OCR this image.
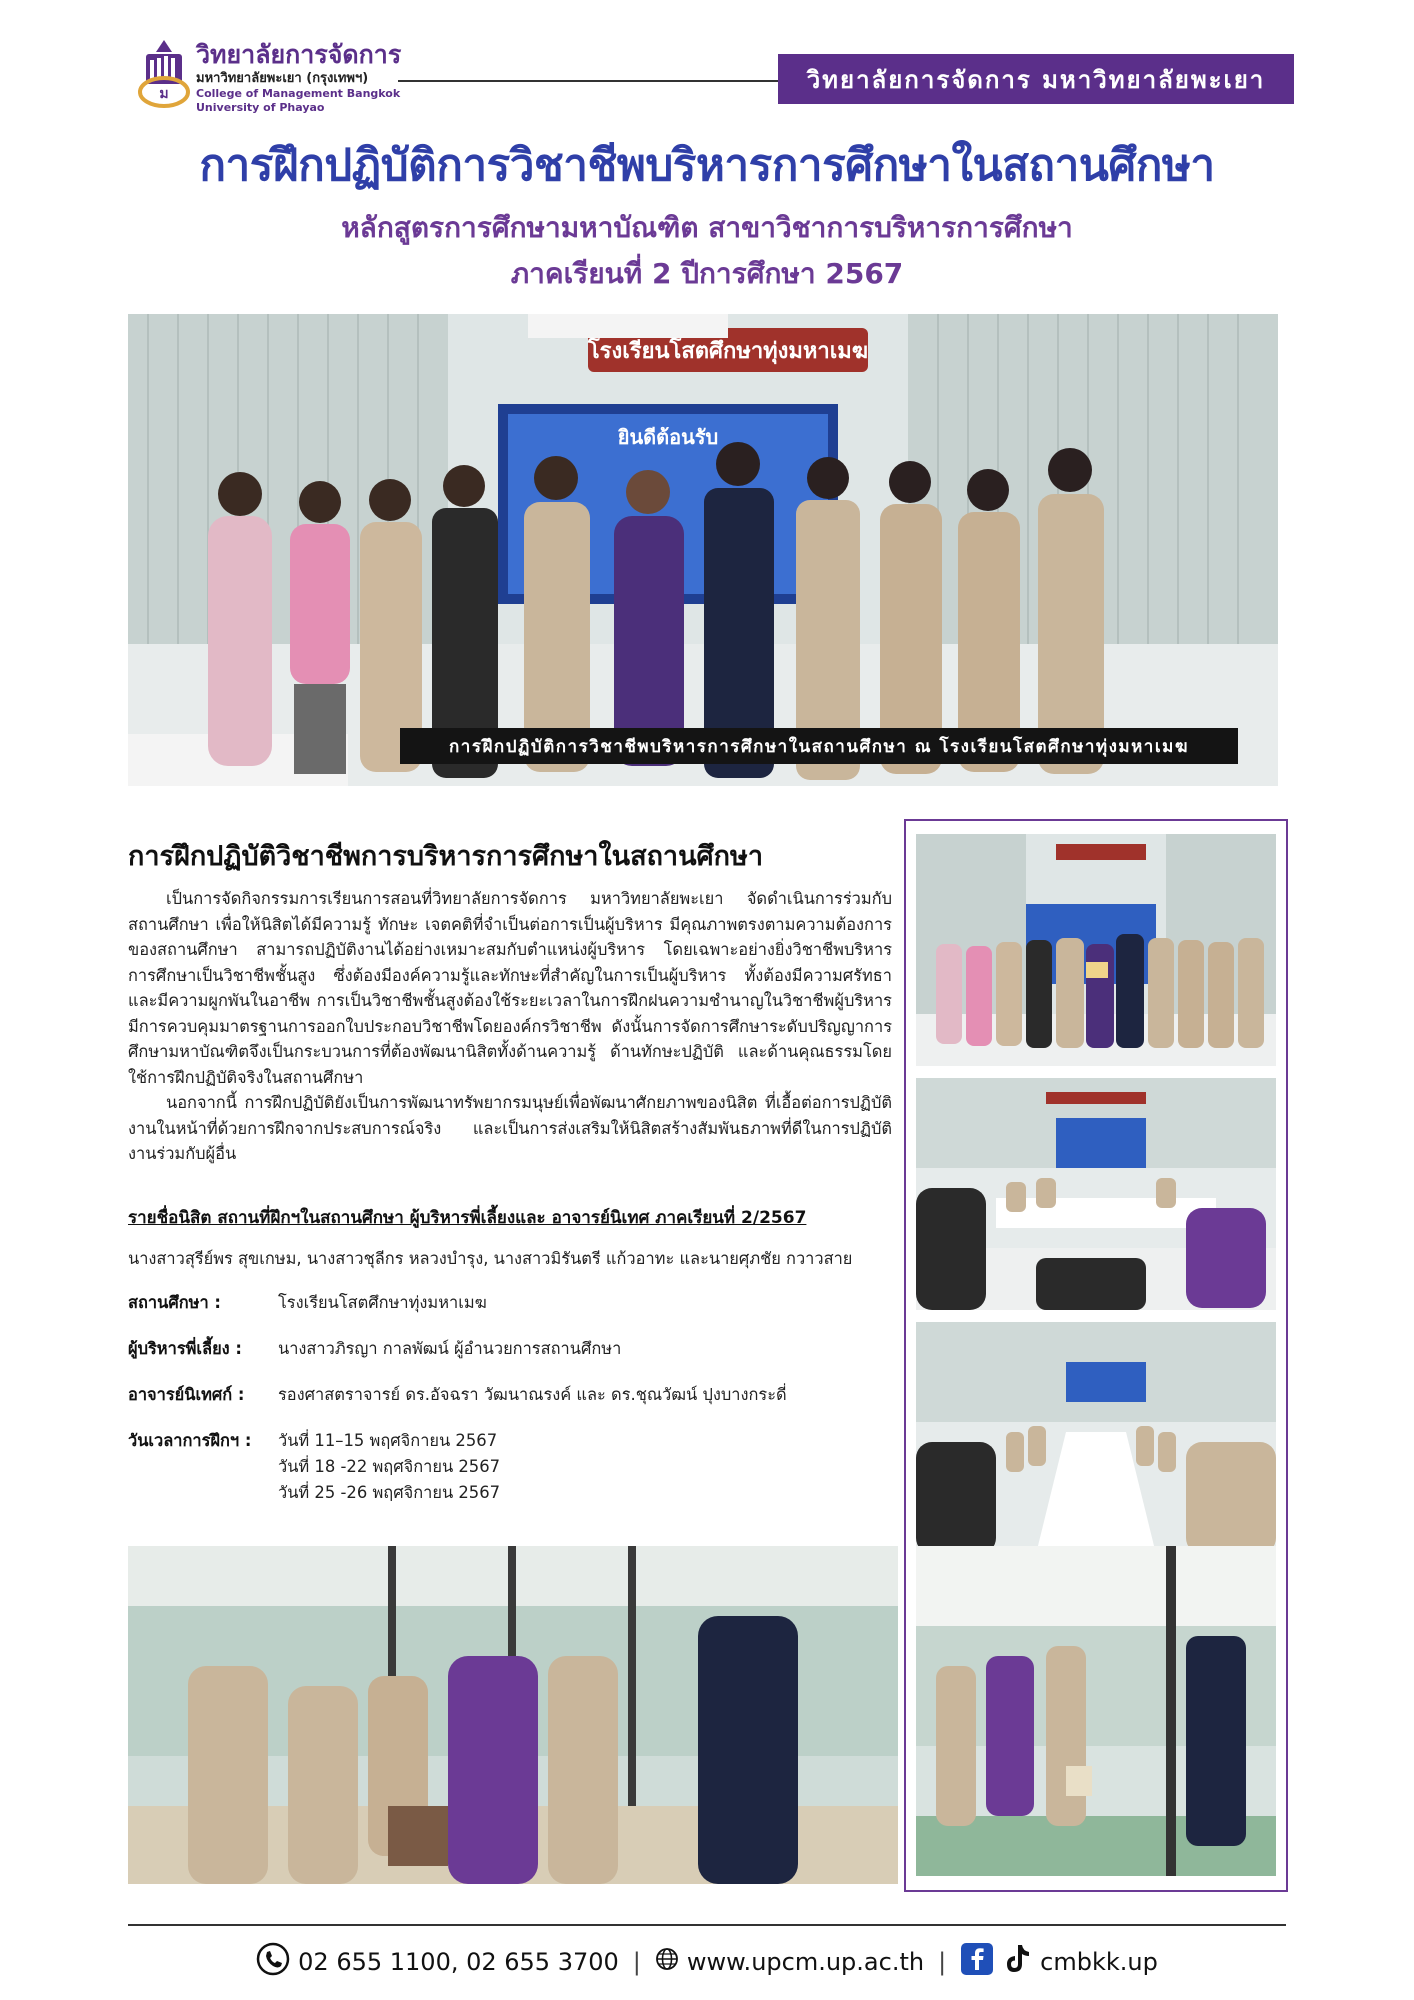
ม
วิทยาลัยการจัดการ
มหาวิทยาลัยพะเยา (กรุงเทพฯ)
College of Management Bangkok
University of Phayao
วิทยาลัยการจัดการ มหาวิทยาลัยพะเยา
การฝึกปฏิบัติการวิชาชีพบริหารการศึกษาในสถานศึกษา
หลักสูตรการศึกษามหาบัณฑิต สาขาวิชาการบริหารการศึกษา
ภาคเรียนที่ 2 ปีการศึกษา 2567
โรงเรียนโสตศึกษาทุ่งมหาเมฆ
ยินดีต้อนรับ
การฝึกปฏิบัติการวิชาชีพบริหารการศึกษาในสถานศึกษา ณ โรงเรียนโสตศึกษาทุ่งมหาเมฆ
การฝึกปฏิบัติวิชาชีพการบริหารการศึกษาในสถานศึกษา
เป็นการจัดกิจกรรมการเรียนการสอนที่วิทยาลัยการจัดการ มหาวิทยาลัยพะเยา จัดดำเนินการร่วมกับสถานศึกษา เพื่อให้นิสิตได้มีความรู้ ทักษะ เจตคติที่จำเป็นต่อการเป็นผู้บริหาร มีคุณภาพตรงตามความต้องการของสถานศึกษา สามารถปฏิบัติงานได้อย่างเหมาะสมกับตำแหน่งผู้บริหาร โดยเฉพาะอย่างยิ่งวิชาชีพบริหารการศึกษาเป็นวิชาชีพชั้นสูง ซึ่งต้องมีองค์ความรู้และทักษะที่สำคัญในการเป็นผู้บริหาร ทั้งต้องมีความศรัทธาและมีความผูกพันในอาชีพ การเป็นวิชาชีพชั้นสูงต้องใช้ระยะเวลาในการฝึกฝนความชำนาญในวิชาชีพผู้บริหาร มีการควบคุมมาตรฐานการออกใบประกอบวิชาชีพโดยองค์กรวิชาชีพ ดังนั้นการจัดการศึกษาระดับปริญญาการศึกษามหาบัณฑิตจึงเป็นกระบวนการที่ต้องพัฒนานิสิตทั้งด้านความรู้ ด้านทักษะปฏิบัติ และด้านคุณธรรมโดยใช้การฝึกปฏิบัติจริงในสถานศึกษา
นอกจากนี้ การฝึกปฏิบัติยังเป็นการพัฒนาทรัพยากรมนุษย์เพื่อพัฒนาศักยภาพของนิสิต ที่เอื้อต่อการปฏิบัติงานในหน้าที่ด้วยการฝึกจากประสบการณ์จริง และเป็นการส่งเสริมให้นิสิตสร้างสัมพันธภาพที่ดีในการปฏิบัติงานร่วมกับผู้อื่น
รายชื่อนิสิต สถานที่ฝึกฯในสถานศึกษา ผู้บริหารพี่เลี้ยงและ อาจารย์นิเทศ ภาคเรียนที่ 2/2567
นางสาวสุรีย์พร สุขเกษม, นางสาวชุลีกร หลวงบำรุง, นางสาวมิรันตรี แก้วอาทะ และนายศุภชัย กวาวสาย
สถานศึกษา :	โรงเรียนโสตศึกษาทุ่งมหาเมฆ
ผู้บริหารพี่เลี้ยง : นางสาวภิรญา กาลพัฒน์ ผู้อำนวยการสถานศึกษา
อาจารย์นิเทศก์ : รองศาสตราจารย์ ดร.อัจฉรา วัฒนาณรงค์ และ ดร.ชุณวัฒน์ ปุงบางกระดี่
วันเวลาการฝึกฯ : วันที่ 11–15 พฤศจิกายน 2567
วันที่ 18 -22 พฤศจิกายน 2567
วันที่ 25 -26 พฤศจิกายน 2567
02 655 1100, 02 655 3700 | www.upcm.up.ac.th |	cmbkk.up
